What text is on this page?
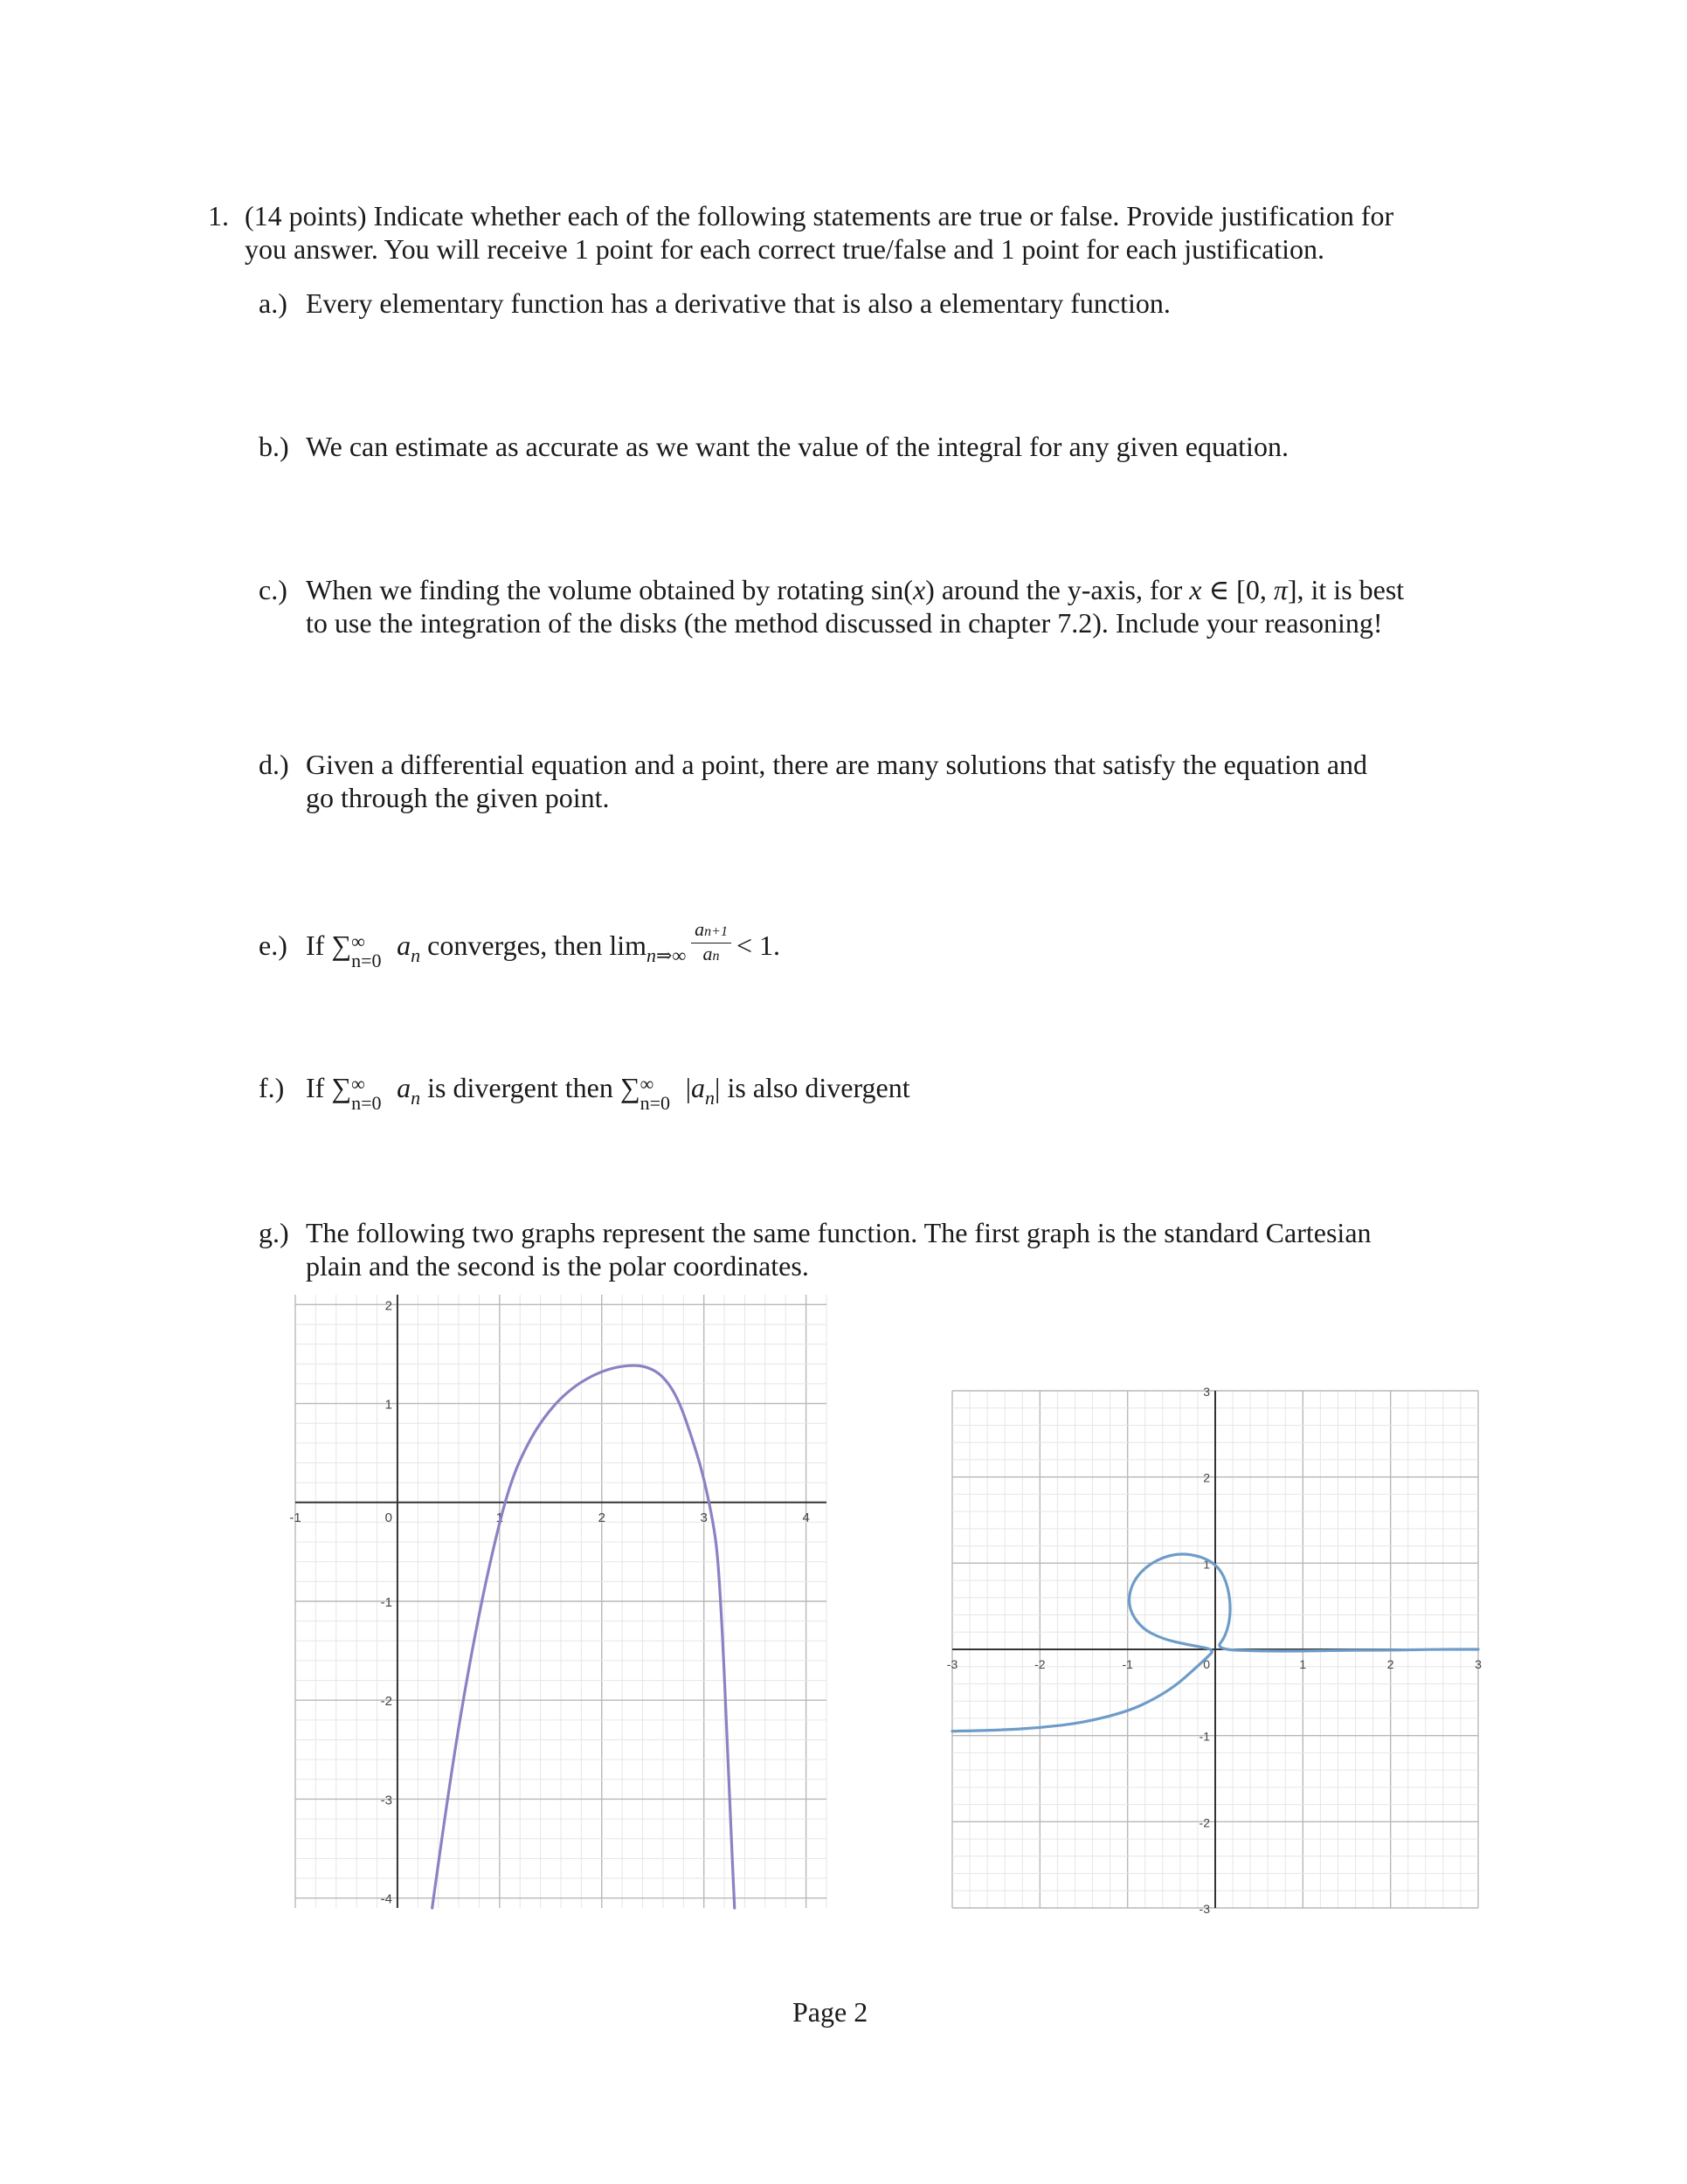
1. (14 points) Indicate whether each of the following statements are true or false. Provide justification for
you answer. You will receive 1 point for each correct true/false and 1 point for each justification.
a.) Every elementary function has a derivative that is also a elementary function.
b.) We can estimate as accurate as we want the value of the integral for any given equation.
c.) When we finding the volume obtained by rotating sin(x) around the y-axis, for x ∈ [0, π], it is best
to use the integration of the disks (the method discussed in chapter 7.2). Include your reasoning!
d.) Given a differential equation and a point, there are many solutions that satisfy the equation and
go through the given point.
e.) If ∑ ∞
n=0 $a_n$ converges, then $\lim_{n\Rightarrow\infty} \frac{an+1}{an} < 1$.
f.) If ∑ ∞
n=0 $a_n$ is divergent then ∑ ∞
n=0 $|a_n|$ is also divergent
g.) The following two graphs represent the same function. The first graph is the standard Cartesian
plain and the second is the polar coordinates.
-1	1	2	3	4
2
1
-1
-2
-3
-4
0
-3	-2	-1	1	2	3
3
2
1
-1
-2
-3
0
Page 2
